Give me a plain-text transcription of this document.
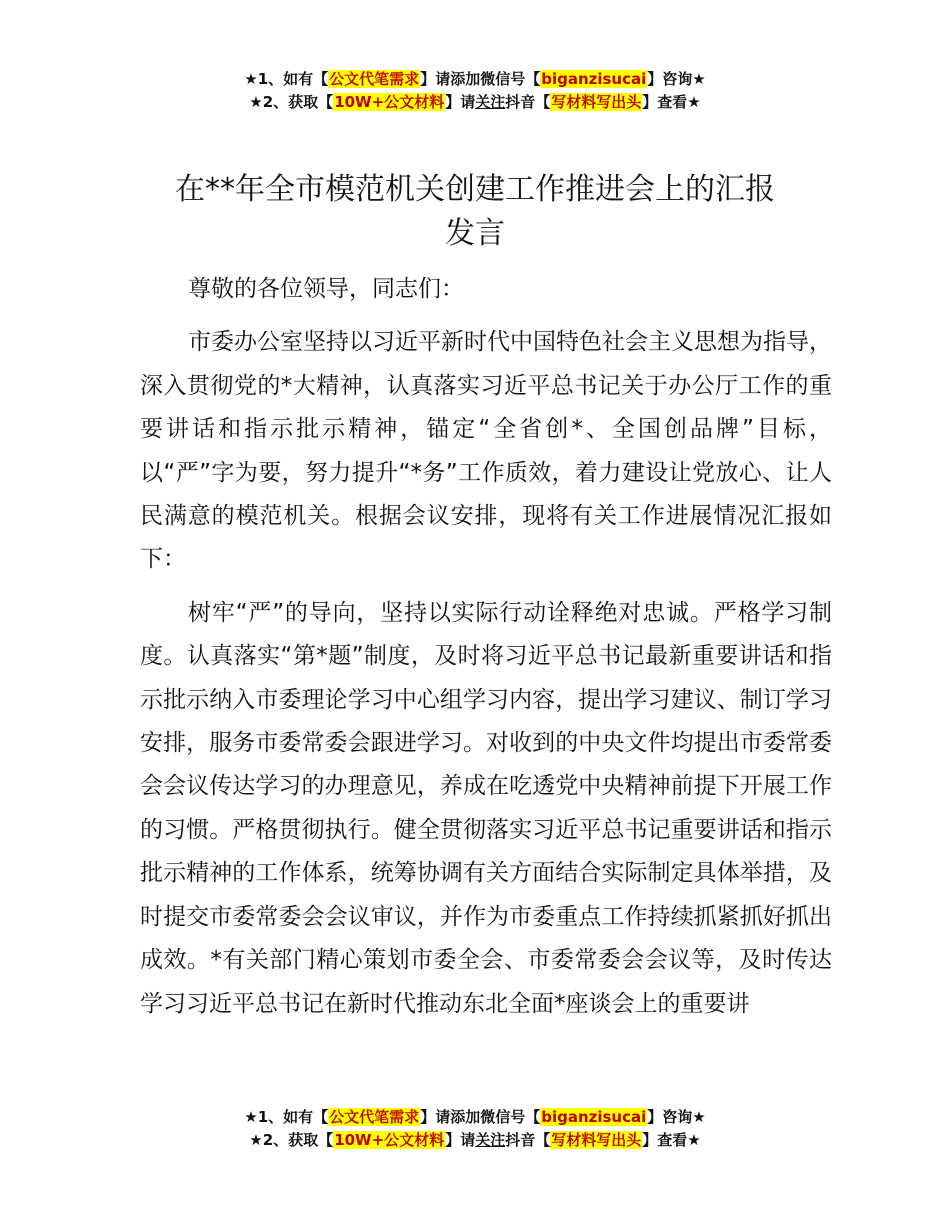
★1、如有【公文代笔需求】请添加微信号【biganzisucai】咨询★
★2、获取【10W+公文材料】请关注抖音【写材料写出头】查看★
在**年全市模范机关创建工作推进会上的汇报
发言

尊敬的各位领导，同志们：

市委办公室坚持以习近平新时代中国特色社会主义思想为指导，深入贯彻党的*大精神，认真落实习近平总书记关于办公厅工作的重要讲话和指示批示精神，锚定“全省创*、全国创品牌”目标，以“严”字为要，努力提升“*务”工作质效，着力建设让党放心、让人民满意的模范机关。根据会议安排，现将有关工作进展情况汇报如下：

树牢“严”的导向，坚持以实际行动诠释绝对忠诚。严格学习制度。认真落实“第*题”制度，及时将习近平总书记最新重要讲话和指示批示纳入市委理论学习中心组学习内容，提出学习建议、制订学习安排，服务市委常委会跟进学习。对收到的中央文件均提出市委常委会会议传达学习的办理意见，养成在吃透党中央精神前提下开展工作的习惯。严格贯彻执行。健全贯彻落实习近平总书记重要讲话和指示批示精神的工作体系，统筹协调有关方面结合实际制定具体举措，及时提交市委常委会会议审议，并作为市委重点工作持续抓紧抓好抓出成效。*有关部门精心策划市委全会、市委常委会会议等，及时传达学习习近平总书记在新时代推动东北全面*座谈会上的重要讲

★1、如有【公文代笔需求】请添加微信号【biganzisucai】咨询★
★2、获取【10W+公文材料】请关注抖音【写材料写出头】查看★
